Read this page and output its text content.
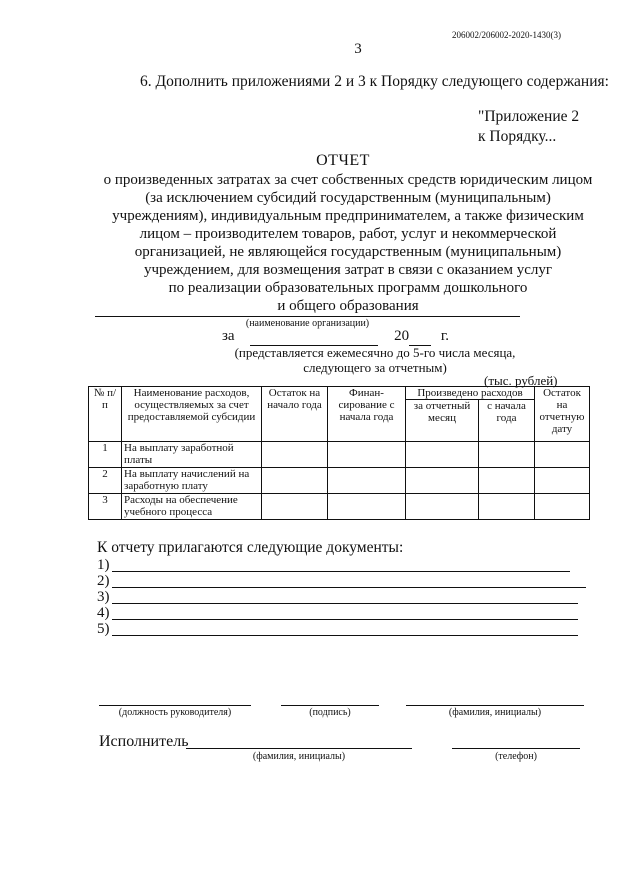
206002/206002-2020-1430(3)
3
6. Дополнить приложениями 2 и 3 к Порядку следующего содержания:
"Приложение 2
к Порядку...
ОТЧЕТ
о произведенных затратах за счет собственных средств юридическим лицом
(за исключением субсидий государственным (муниципальным)
учреждениям), индивидуальным предпринимателем, а также физическим
лицом – производителем товаров, работ, услуг и некоммерческой
организацией, не являющейся государственным (муниципальным)
учреждением, для возмещения затрат в связи с оказанием услуг
по реализации образовательных программ дошкольного
и общего образования
(наименование организации)
за	20 г.
(представляется ежемесячно до 5-го числа месяца,
следующего за отчетным)
(тыс. рублей)
№ п/п	Наименование расходов, осуществляемых за счет предоставляемой субсидии	Остаток на начало года	Финан-сирование с начала года	Произведено расходов		Остаток на отчетную дату
				за отчетный месяц	с начала года	
1	На выплату заработной платы					
2	На выплату начислений на заработную плату					
3	Расходы на обеспечение учебного процесса					
К отчету прилагаются следующие документы:
1)
2)
3)
4)
5)
(должность руководителя)	(подпись)	(фамилия, инициалы)
Исполнитель
(фамилия, инициалы)	(телефон)
